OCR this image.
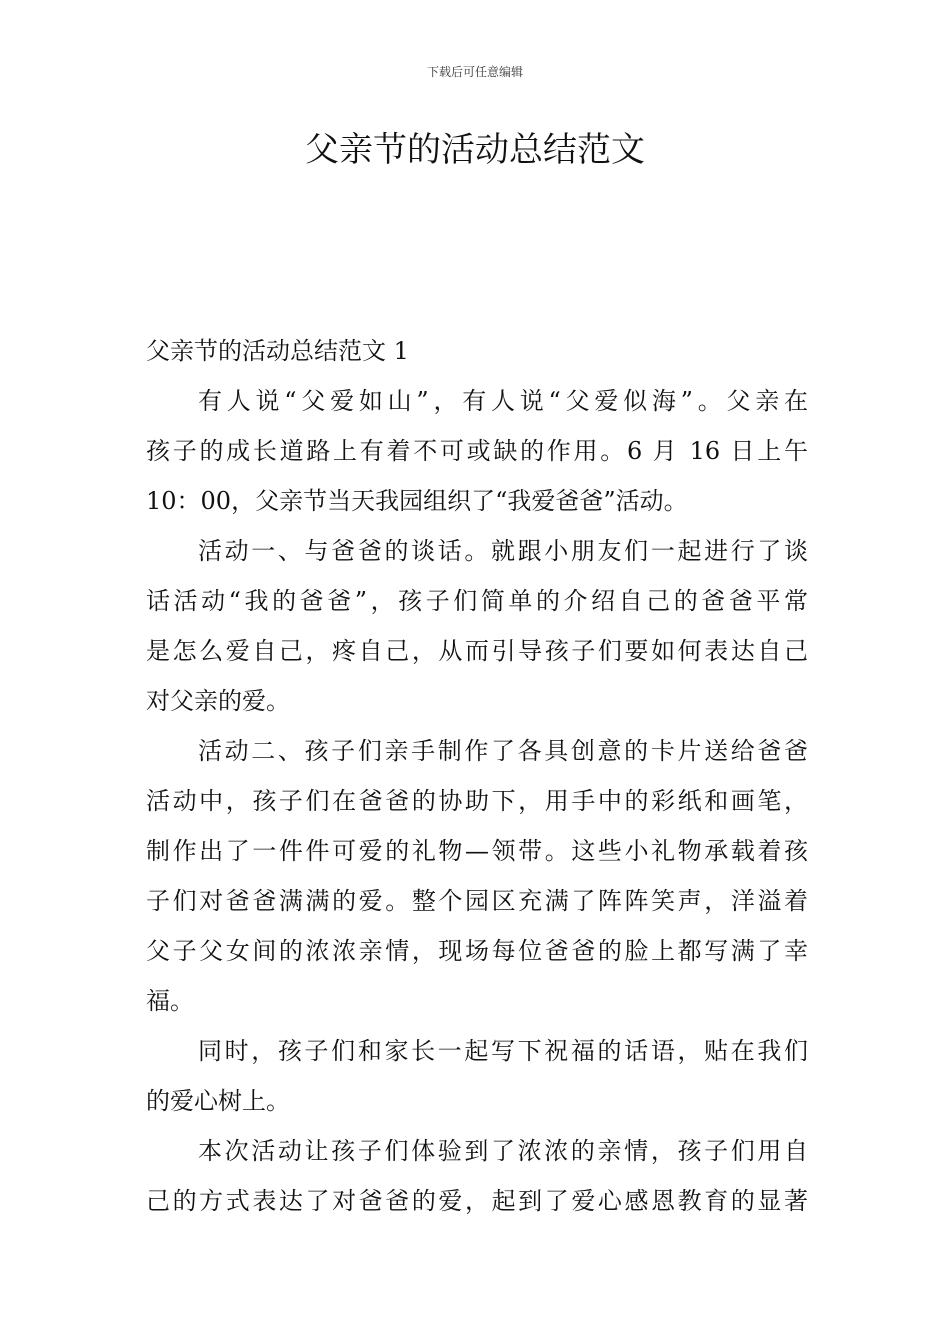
下载后可任意编辑
父亲节的活动总结范文
父亲节的活动总结范文 1

有人说“父爱如山”，有人说“父爱似海”。父亲在
孩子的成长道路上有着不可或缺的作用。6 月 16 日上午
10：00，父亲节当天我园组织了“我爱爸爸”活动。

活动一、与爸爸的谈话。就跟小朋友们一起进行了谈
话活动“我的爸爸”，孩子们简单的介绍自己的爸爸平常
是怎么爱自己，疼自己，从而引导孩子们要如何表达自己
对父亲的爱。

活动二、孩子们亲手制作了各具创意的卡片送给爸爸
活动中，孩子们在爸爸的协助下，用手中的彩纸和画笔，
制作出了一件件可爱的礼物—领带。这些小礼物承载着孩
子们对爸爸满满的爱。整个园区充满了阵阵笑声，洋溢着
父子父女间的浓浓亲情，现场每位爸爸的脸上都写满了幸
福。

同时，孩子们和家长一起写下祝福的话语，贴在我们
的爱心树上。

本次活动让孩子们体验到了浓浓的亲情，孩子们用自
己的方式表达了对爸爸的爱，起到了爱心感恩教育的显著
